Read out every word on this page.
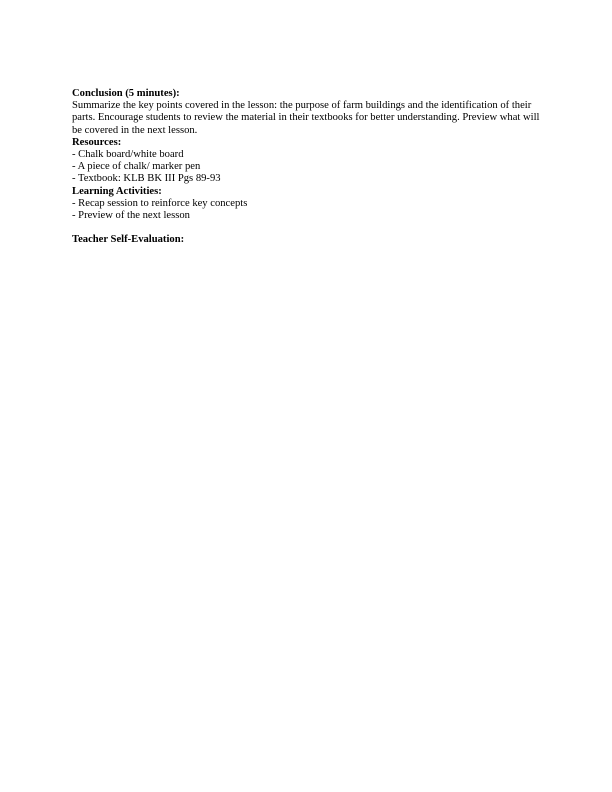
Conclusion (5 minutes):

Summarize the key points covered in the lesson: the purpose of farm buildings and the identification of their parts. Encourage students to review the material in their textbooks for better understanding. Preview what will be covered in the next lesson.

Resources:

- Chalk board/white board
- A piece of chalk/ marker pen
- Textbook: KLB BK III Pgs 89-93

Learning Activities:

- Recap session to reinforce key concepts
- Preview of the next lesson

Teacher Self-Evaluation:
